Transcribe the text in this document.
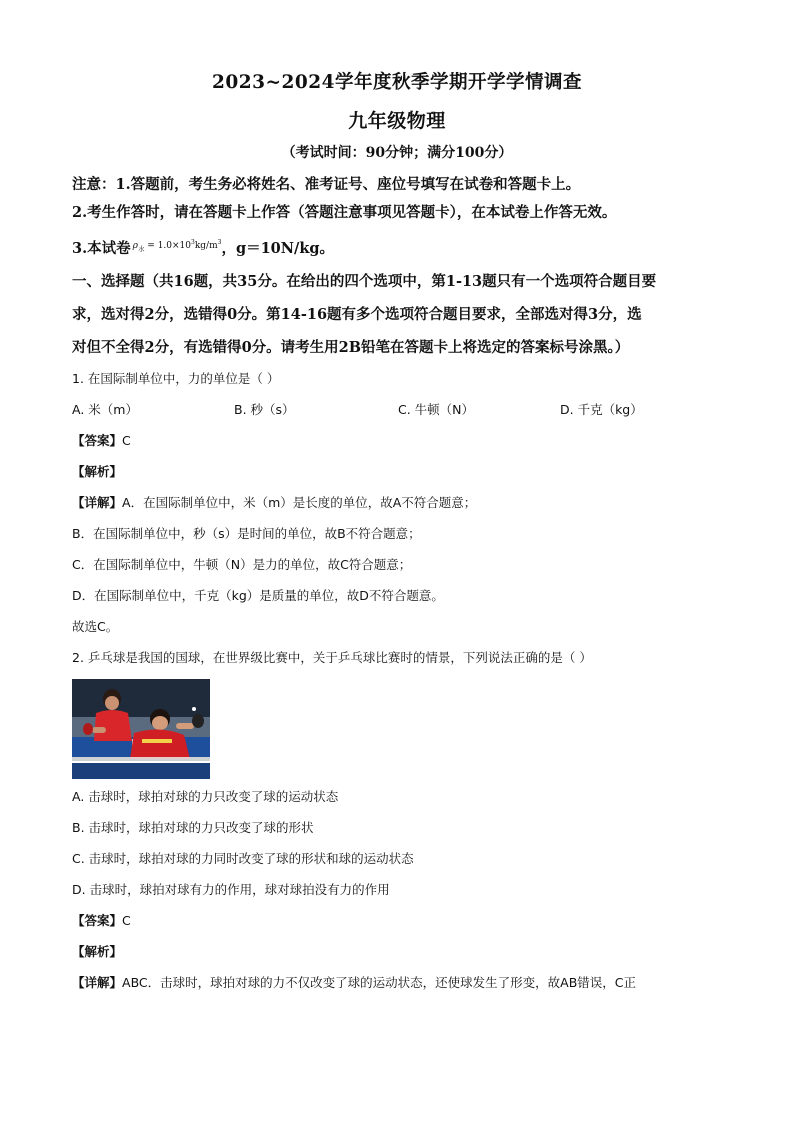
2023~2024学年度秋季学期开学学情调查
九年级物理
（考试时间：90分钟；满分100分）
注意：1.答题前，考生务必将姓名、准考证号、座位号填写在试卷和答题卡上。
2.考生作答时，请在答题卡上作答（答题注意事项见答题卡），在本试卷上作答无效。
3.本试卷 $^{\rho_水 = 1.0\times 10^3kg/m^3}$，g＝10N/kg。
一、选择题（共16题，共35分。在给出的四个选项中，第1-13题只有一个选项符合题目要
求，选对得2分，选错得0分。第14-16题有多个选项符合题目要求，全部选对得3分，选
对但不全得2分，有选错得0分。请考生用2B铅笔在答题卡上将选定的答案标号涂黑。）
1. 在国际制单位中，力的单位是（ ）
A. 米（m）	B. 秒（s）	C. 牛顿（N）	D. 千克（kg）
【答案】C
【解析】
【详解】A．在国际制单位中，米（m）是长度的单位，故A不符合题意；
B．在国际制单位中，秒（s）是时间的单位，故B不符合题意；
C．在国际制单位中，牛顿（N）是力的单位，故C符合题意；
D．在国际制单位中，千克（kg）是质量的单位，故D不符合题意。
故选C。
2. 乒乓球是我国的国球，在世界级比赛中，关于乒乓球比赛时的情景，下列说法正确的是（ ）
A. 击球时，球拍对球的力只改变了球的运动状态
B. 击球时，球拍对球的力只改变了球的形状
C. 击球时，球拍对球的力同时改变了球的形状和球的运动状态
D. 击球时，球拍对球有力的作用，球对球拍没有力的作用
【答案】C
【解析】
【详解】ABC．击球时，球拍对球的力不仅改变了球的运动状态，还使球发生了形变，故AB错误，C正
